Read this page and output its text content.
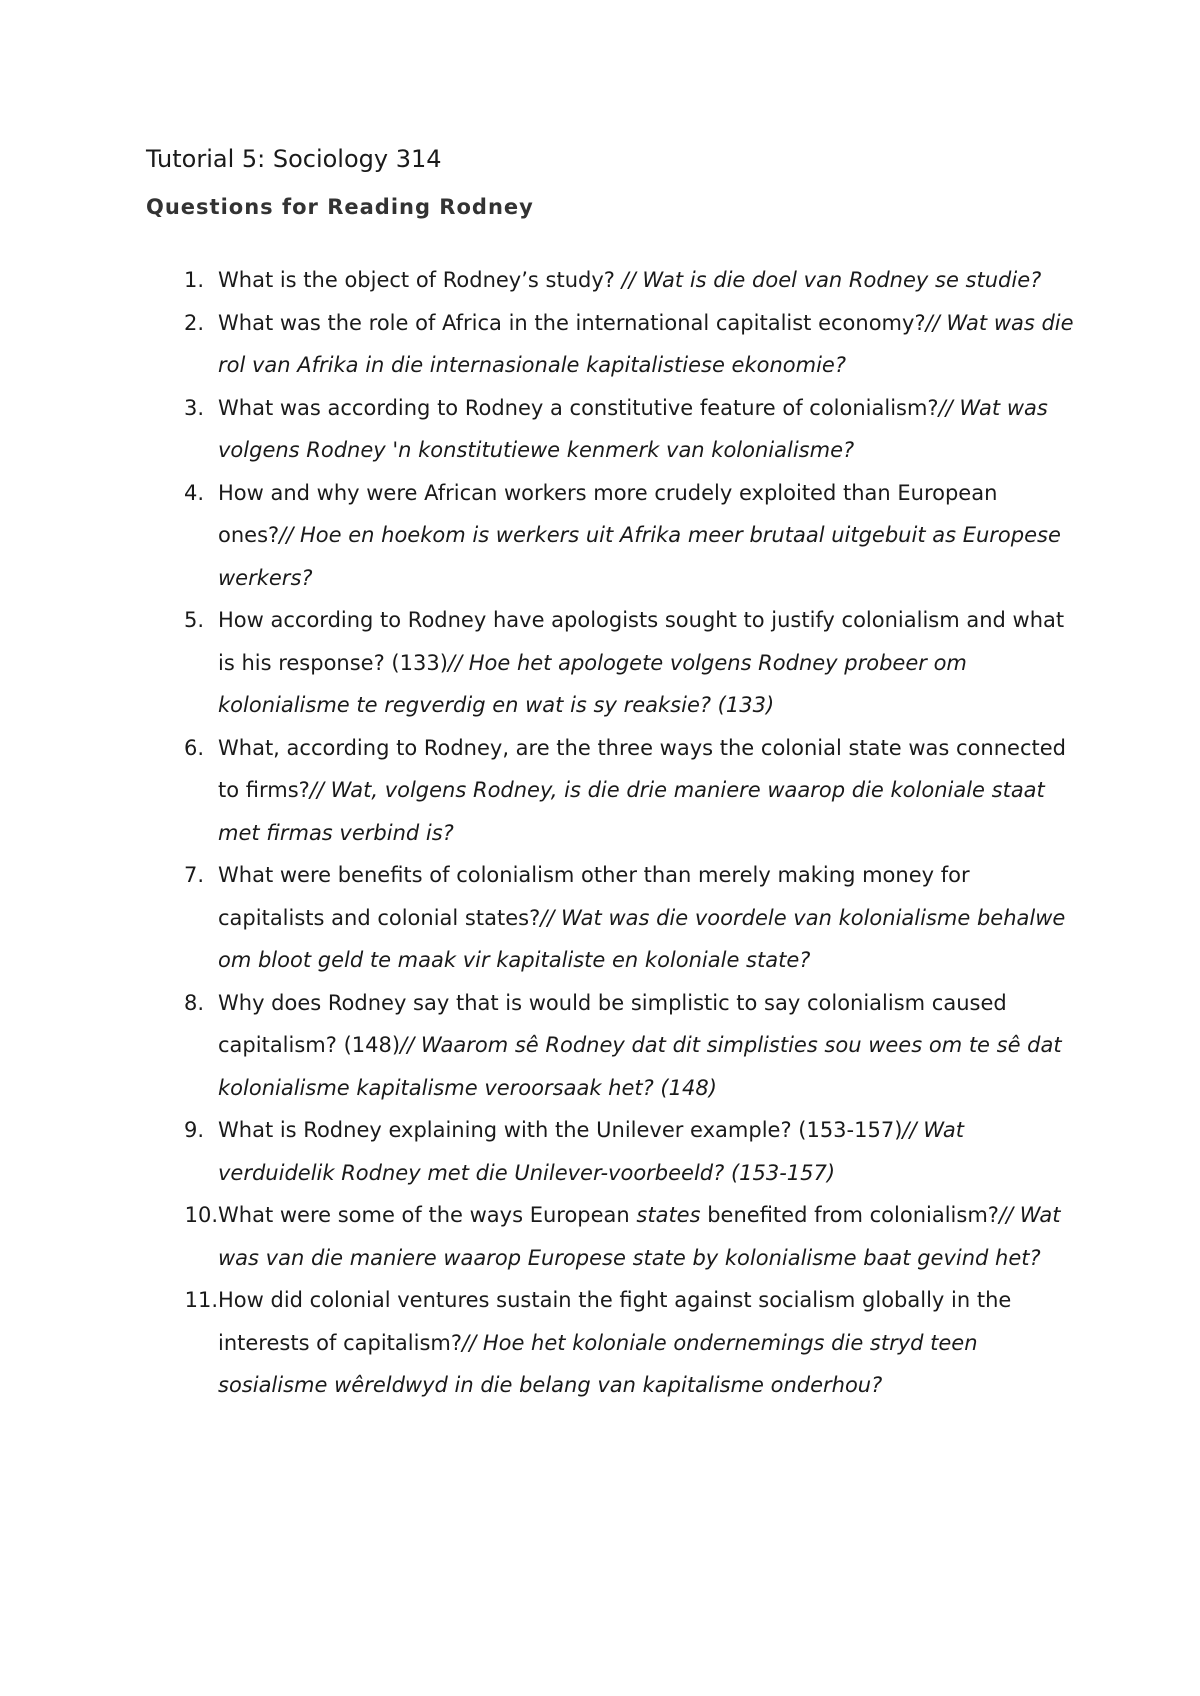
Tutorial 5: Sociology 314
Questions for Reading Rodney
1. What is the object of Rodney’s study? // Wat is die doel van Rodney se studie?
2. What was the role of Africa in the international capitalist economy?// Wat was die rol van Afrika in die internasionale kapitalistiese ekonomie?
3. What was according to Rodney a constitutive feature of colonialism?// Wat was volgens Rodney 'n konstitutiewe kenmerk van kolonialisme?
4. How and why were African workers more crudely exploited than European ones?// Hoe en hoekom is werkers uit Afrika meer brutaal uitgebuit as Europese werkers?
5. How according to Rodney have apologists sought to justify colonialism and what is his response? (133)// Hoe het apologete volgens Rodney probeer om kolonialisme te regverdig en wat is sy reaksie? (133)
6. What, according to Rodney, are the three ways the colonial state was connected to firms?// Wat, volgens Rodney, is die drie maniere waarop die koloniale staat met firmas verbind is?
7. What were benefits of colonialism other than merely making money for capitalists and colonial states?// Wat was die voordele van kolonialisme behalwe om bloot geld te maak vir kapitaliste en koloniale state?
8. Why does Rodney say that is would be simplistic to say colonialism caused capitalism? (148)// Waarom sê Rodney dat dit simplisties sou wees om te sê dat kolonialisme kapitalisme veroorsaak het? (148)
9. What is Rodney explaining with the Unilever example? (153-157)// Wat verduidelik Rodney met die Unilever-voorbeeld? (153-157)
10. What were some of the ways European states benefited from colonialism?// Wat was van die maniere waarop Europese state by kolonialisme baat gevind het?
11. How did colonial ventures sustain the fight against socialism globally in the interests of capitalism?// Hoe het koloniale ondernemings die stryd teen sosialisme wêreldwyd in die belang van kapitalisme onderhou?
